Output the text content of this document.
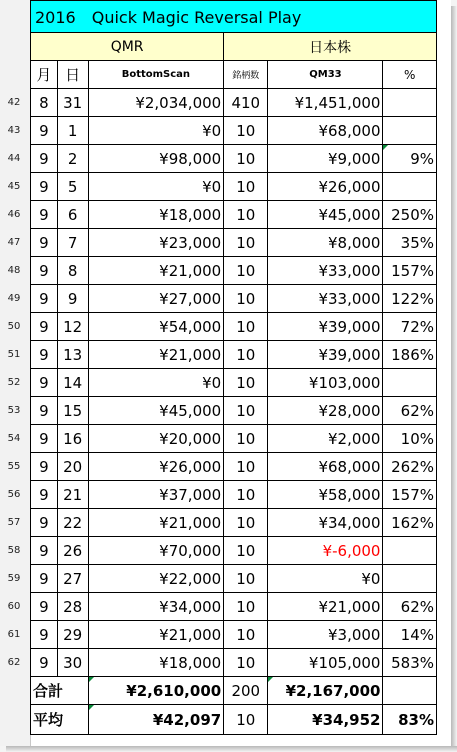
42
43
44
45
46
47
48
49
50
51
52
53
54
55
56
57
58
59
60
61
62
2016　Quick Magic Reversal Play					
QMR			日本株		
月	日	BottomScan	銘柄数	QM33	%
8	31	¥2,034,000	410	¥1,451,000	
9	1	¥0	10	¥68,000	
9	2	¥98,000	10	¥9,000	9%
9	5	¥0	10	¥26,000	
9	6	¥18,000	10	¥45,000	250%
9	7	¥23,000	10	¥8,000	35%
9	8	¥21,000	10	¥33,000	157%
9	9	¥27,000	10	¥33,000	122%
9	12	¥54,000	10	¥39,000	72%
9	13	¥21,000	10	¥39,000	186%
9	14	¥0	10	¥103,000	
9	15	¥45,000	10	¥28,000	62%
9	16	¥20,000	10	¥2,000	10%
9	20	¥26,000	10	¥68,000	262%
9	21	¥37,000	10	¥58,000	157%
9	22	¥21,000	10	¥34,000	162%
9	26	¥70,000	10	¥-6,000	
9	27	¥22,000	10	¥0	
9	28	¥34,000	10	¥21,000	62%
9	29	¥21,000	10	¥3,000	14%
9	30	¥18,000	10	¥105,000	583%
合計		¥2,610,000	200	¥2,167,000	
平均		¥42,097	10	¥34,952	83%
